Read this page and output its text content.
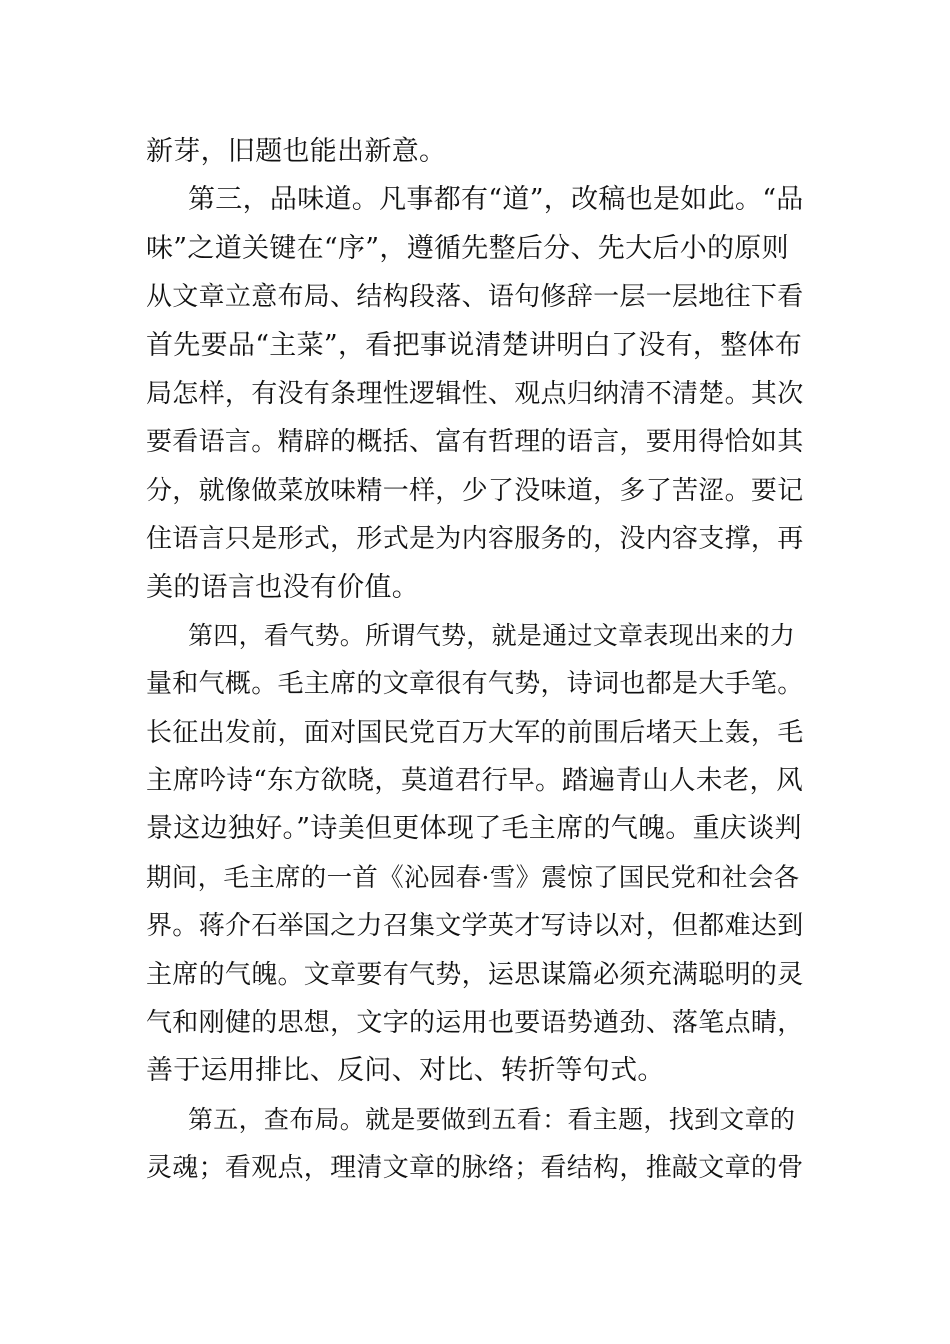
新芽，旧题也能出新意。
第三，品味道。凡事都有“道”，改稿也是如此。“品
味”之道关键在“序”，遵循先整后分、先大后小的原则
从文章立意布局、结构段落、语句修辞一层一层地往下看
首先要品“主菜”，看把事说清楚讲明白了没有，整体布
局怎样，有没有条理性逻辑性、观点归纳清不清楚。其次
要看语言。精辟的概括、富有哲理的语言，要用得恰如其
分，就像做菜放味精一样，少了没味道，多了苦涩。要记
住语言只是形式，形式是为内容服务的，没内容支撑，再
美的语言也没有价值。
第四，看气势。所谓气势，就是通过文章表现出来的力
量和气概。毛主席的文章很有气势，诗词也都是大手笔。
长征出发前，面对国民党百万大军的前围后堵天上轰，毛
主席吟诗“东方欲晓，莫道君行早。踏遍青山人未老，风
景这边独好。”诗美但更体现了毛主席的气魄。重庆谈判
期间，毛主席的一首《沁园春·雪》震惊了国民党和社会各
界。蒋介石举国之力召集文学英才写诗以对，但都难达到
主席的气魄。文章要有气势，运思谋篇必须充满聪明的灵
气和刚健的思想，文字的运用也要语势遒劲、落笔点睛，
善于运用排比、反问、对比、转折等句式。
第五，查布局。就是要做到五看：看主题，找到文章的
灵魂；看观点，理清文章的脉络；看结构，推敲文章的骨
